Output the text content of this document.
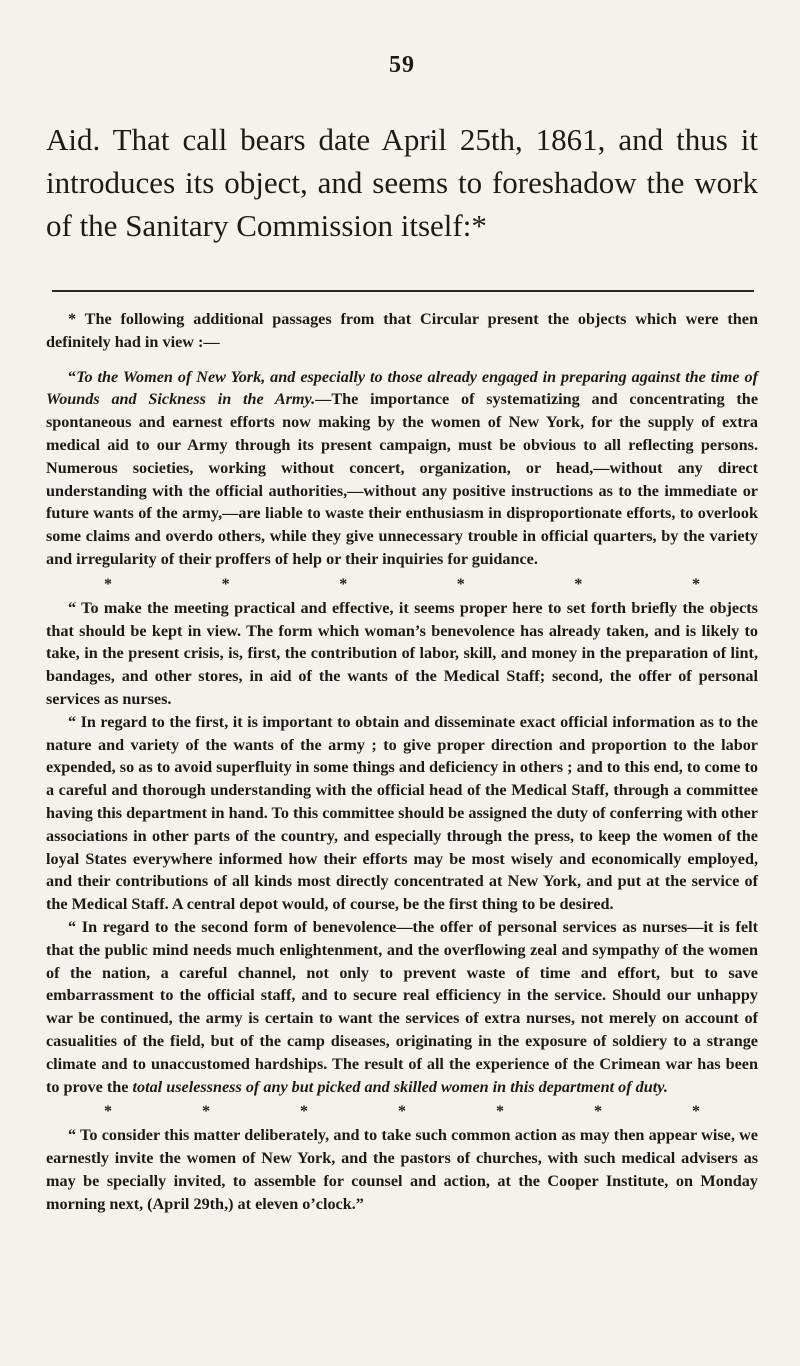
59

Aid. That call bears date April 25th, 1861, and thus it introduces its object, and seems to foreshadow the work of the Sanitary Commission itself:*

* The following additional passages from that Circular present the objects which were then definitely had in view :—

“To the Women of New York, and especially to those already engaged in preparing against the time of Wounds and Sickness in the Army.—The importance of systematizing and concentrating the spontaneous and earnest efforts now making by the women of New York, for the supply of extra medical aid to our Army through its present campaign, must be obvious to all reflecting persons. Numerous societies, working without concert, organization, or head,—without any direct understanding with the official authorities,—without any positive instructions as to the immediate or future wants of the army,—are liable to waste their enthusiasm in disproportionate efforts, to overlook some claims and overdo others, while they give unnecessary trouble in official quarters, by the variety and irregularity of their proffers of help or their inquiries for guidance.

*	*	*	*	*	*

“ To make the meeting practical and effective, it seems proper here to set forth briefly the objects that should be kept in view. The form which woman’s benevolence has already taken, and is likely to take, in the present crisis, is, first, the contribution of labor, skill, and money in the preparation of lint, bandages, and other stores, in aid of the wants of the Medical Staff; second, the offer of personal services as nurses.

“ In regard to the first, it is important to obtain and disseminate exact official information as to the nature and variety of the wants of the army ; to give proper direction and proportion to the labor expended, so as to avoid superfluity in some things and deficiency in others ; and to this end, to come to a careful and thorough understanding with the official head of the Medical Staff, through a committee having this department in hand. To this committee should be assigned the duty of conferring with other associations in other parts of the country, and especially through the press, to keep the women of the loyal States everywhere informed how their efforts may be most wisely and economically employed, and their contributions of all kinds most directly concentrated at New York, and put at the service of the Medical Staff. A central depot would, of course, be the first thing to be desired.

“ In regard to the second form of benevolence—the offer of personal services as nurses—it is felt that the public mind needs much enlightenment, and the overflowing zeal and sympathy of the women of the nation, a careful channel, not only to prevent waste of time and effort, but to save embarrassment to the official staff, and to secure real efficiency in the service. Should our unhappy war be continued, the army is certain to want the services of extra nurses, not merely on account of casualities of the field, but of the camp diseases, originating in the exposure of soldiery to a strange climate and to unaccustomed hardships. The result of all the experience of the Crimean war has been to prove the total uselessness of any but picked and skilled women in this department of duty.

*	*	*	*	*	*	*

“ To consider this matter deliberately, and to take such common action as may then appear wise, we earnestly invite the women of New York, and the pastors of churches, with such medical advisers as may be specially invited, to assemble for counsel and action, at the Cooper Institute, on Monday morning next, (April 29th,) at eleven o’clock.”
